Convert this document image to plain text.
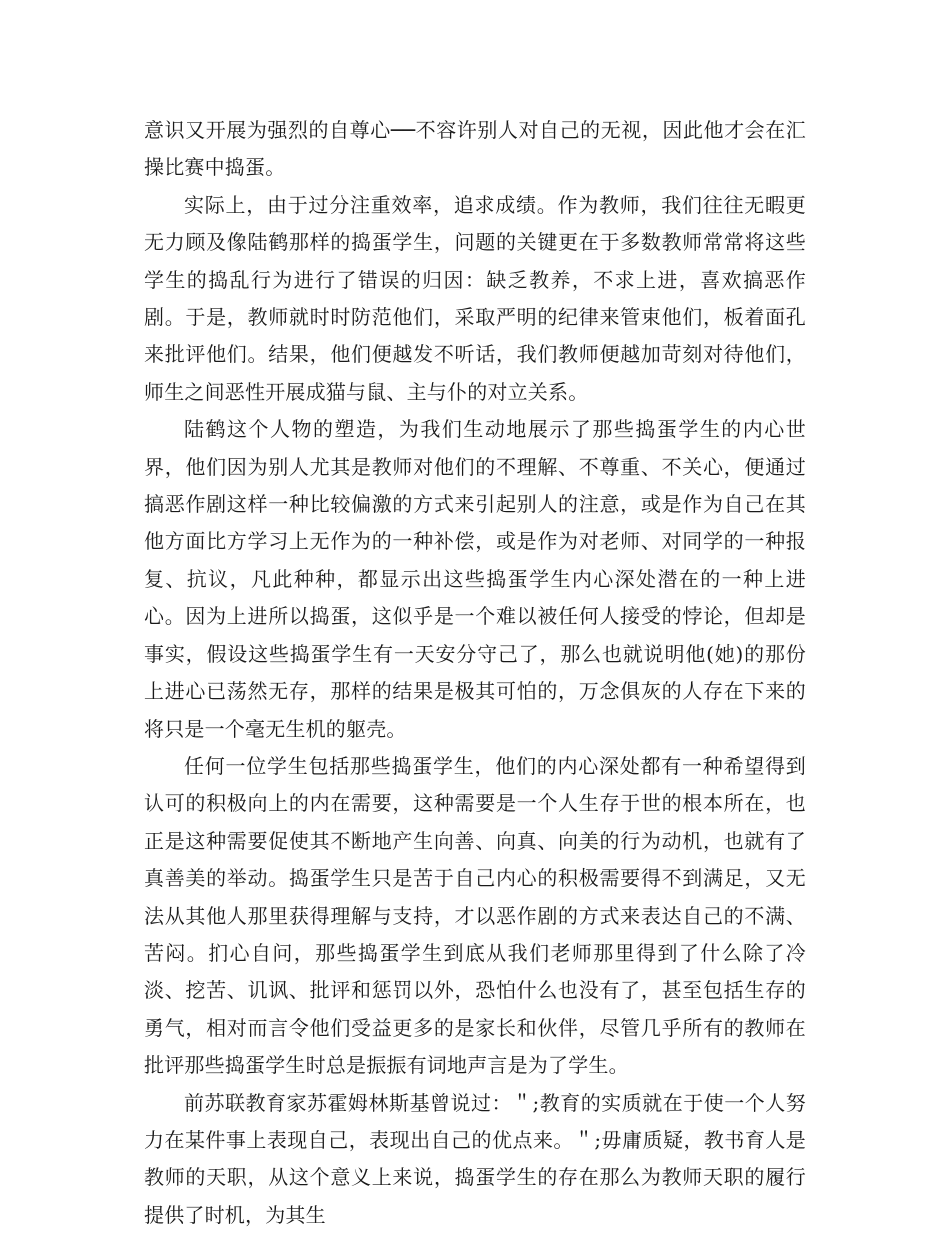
意识又开展为强烈的自尊心──不容许别人对自己的无视，因此他才会在汇操比赛中捣蛋。

实际上，由于过分注重效率，追求成绩。作为教师，我们往往无暇更无力顾及像陆鹤那样的捣蛋学生，问题的关键更在于多数教师常常将这些学生的捣乱行为进行了错误的归因：缺乏教养，不求上进，喜欢搞恶作剧。于是，教师就时时防范他们，采取严明的纪律来管束他们，板着面孔来批评他们。结果，他们便越发不听话，我们教师便越加苛刻对待他们，师生之间恶性开展成猫与鼠、主与仆的对立关系。

陆鹤这个人物的塑造，为我们生动地展示了那些捣蛋学生的内心世界，他们因为别人尤其是教师对他们的不理解、不尊重、不关心，便通过搞恶作剧这样一种比较偏激的方式来引起别人的注意，或是作为自己在其他方面比方学习上无作为的一种补偿，或是作为对老师、对同学的一种报复、抗议，凡此种种，都显示出这些捣蛋学生内心深处潜在的一种上进心。因为上进所以捣蛋，这似乎是一个难以被任何人接受的悖论，但却是事实，假设这些捣蛋学生有一天安分守己了，那么也就说明他(她)的那份上进心已荡然无存，那样的结果是极其可怕的，万念俱灰的人存在下来的将只是一个毫无生机的躯壳。

任何一位学生包括那些捣蛋学生，他们的内心深处都有一种希望得到认可的积极向上的内在需要，这种需要是一个人生存于世的根本所在，也正是这种需要促使其不断地产生向善、向真、向美的行为动机，也就有了真善美的举动。捣蛋学生只是苦于自己内心的积极需要得不到满足，又无法从其他人那里获得理解与支持，才以恶作剧的方式来表达自己的不满、苦闷。扪心自问，那些捣蛋学生到底从我们老师那里得到了什么除了冷淡、挖苦、讥讽、批评和惩罚以外，恐怕什么也没有了，甚至包括生存的勇气，相对而言令他们受益更多的是家长和伙伴，尽管几乎所有的教师在批评那些捣蛋学生时总是振振有词地声言是为了学生。

前苏联教育家苏霍姆林斯基曾说过：＂;教育的实质就在于使一个人努力在某件事上表现自己，表现出自己的优点来。＂;毋庸质疑，教书育人是教师的天职，从这个意义上来说，捣蛋学生的存在那么为教师天职的履行提供了时机，为其生
